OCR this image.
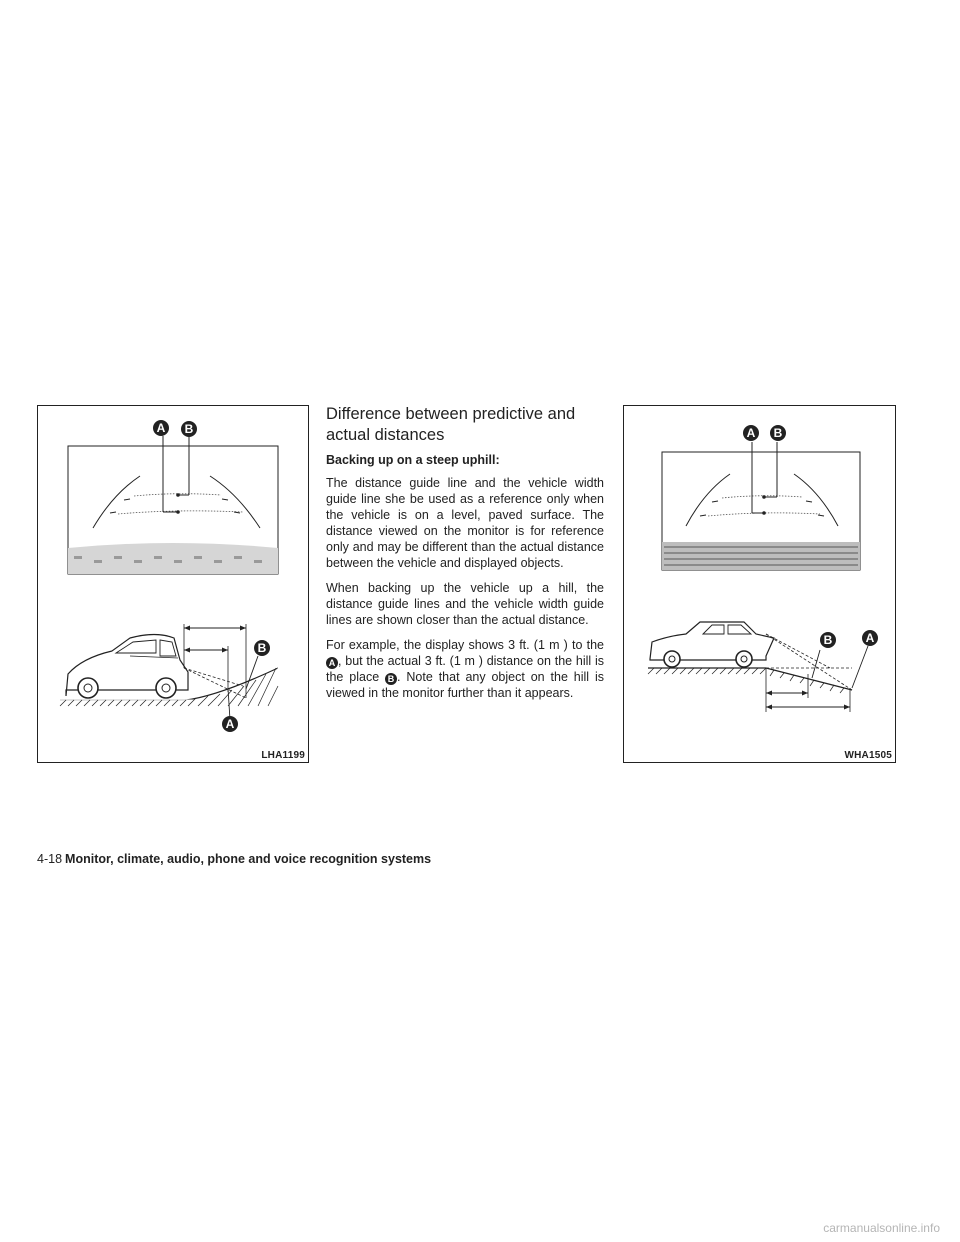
A	B
B
A
LHA1199
Difference between predictive and actual distances

Backing up on a steep uphill:

The distance guide line and the vehicle width guide line she be used as a reference only when the vehicle is on a level, paved surface. The distance viewed on the monitor is for reference only and may be different than the actual distance between the vehicle and displayed objects.

When backing up the vehicle up a hill, the distance guide lines and the vehicle width guide lines are shown closer than the actual distance.

For example, the display shows 3 ft. (1 m ) to the A , but the actual 3 ft. (1 m ) distance on the hill is the place B . Note that any object on the hill is viewed in the monitor further than it appears.

A	B
B	A
WHA1505
4-18 Monitor, climate, audio, phone and voice recognition systems
carmanualsonline.info
